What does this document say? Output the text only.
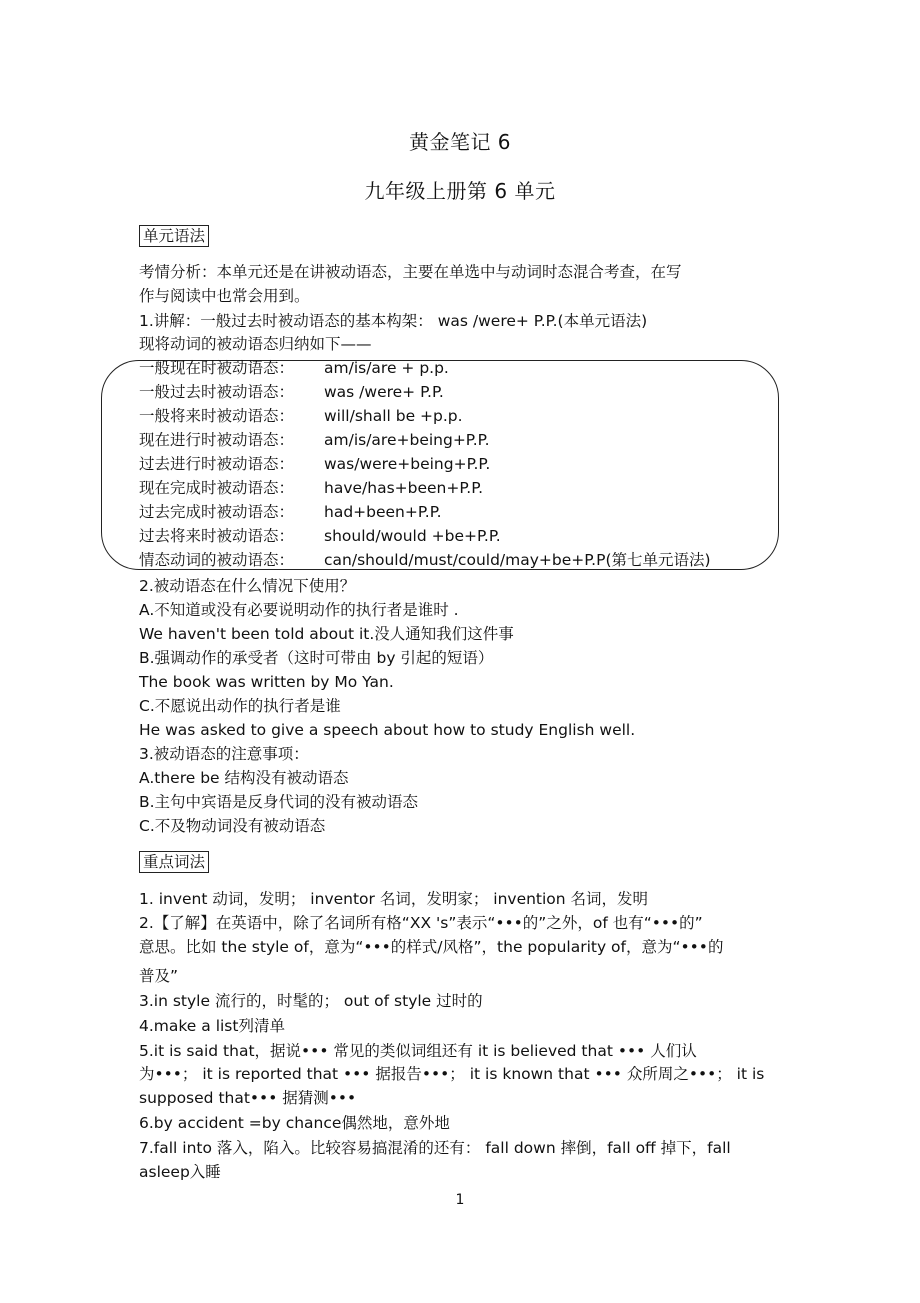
黄金笔记 6
九年级上册第 6 单元
单元语法
考情分析：本单元还是在讲被动语态，主要在单选中与动词时态混合考查，在写
作与阅读中也常会用到。
1.讲解：一般过去时被动语态的基本构架： was /were+ P.P.(本单元语法)
现将动词的被动语态归纳如下——
一般现在时被动语态： am/is/are + p.p.
一般过去时被动语态： was /were+ P.P.
一般将来时被动语态： will/shall be +p.p.
现在进行时被动语态： am/is/are+being+P.P.
过去进行时被动语态： was/were+being+P.P.
现在完成时被动语态： have/has+been+P.P.
过去完成时被动语态： had+been+P.P.
过去将来时被动语态： should/would +be+P.P.
情态动词的被动语态： can/should/must/could/may+be+P.P(第七单元语法)
2.被动语态在什么情况下使用？
A.不知道或没有必要说明动作的执行者是谁时 .
We haven't been told about it.没人通知我们这件事
B.强调动作的承受者（这时可带由 by 引起的短语）
The book was written by Mo Yan.
C.不愿说出动作的执行者是谁
He was asked to give a speech about how to study English well.
3.被动语态的注意事项：
A.there be 结构没有被动语态
B.主句中宾语是反身代词的没有被动语态
C.不及物动词没有被动语态
重点词法
1. invent 动词，发明； inventor 名词，发明家； invention 名词，发明
2.【了解】在英语中，除了名词所有格“XX 's”表示“•••的”之外，of 也有“•••的”
意思。比如 the style of，意为“•••的样式/风格”，the popularity of，意为“•••的
普及”
3.in style 流行的，时髦的； out of style 过时的
4.make a list列清单
5.it is said that，据说••• 常见的类似词组还有 it is believed that ••• 人们认
为•••； it is reported that ••• 据报告•••； it is known that ••• 众所周之•••； it is
supposed that••• 据猜测•••
6.by accident =by chance偶然地，意外地
7.fall into 落入，陷入。比较容易搞混淆的还有： fall down 摔倒，fall off 掉下，fall
asleep入睡
1
